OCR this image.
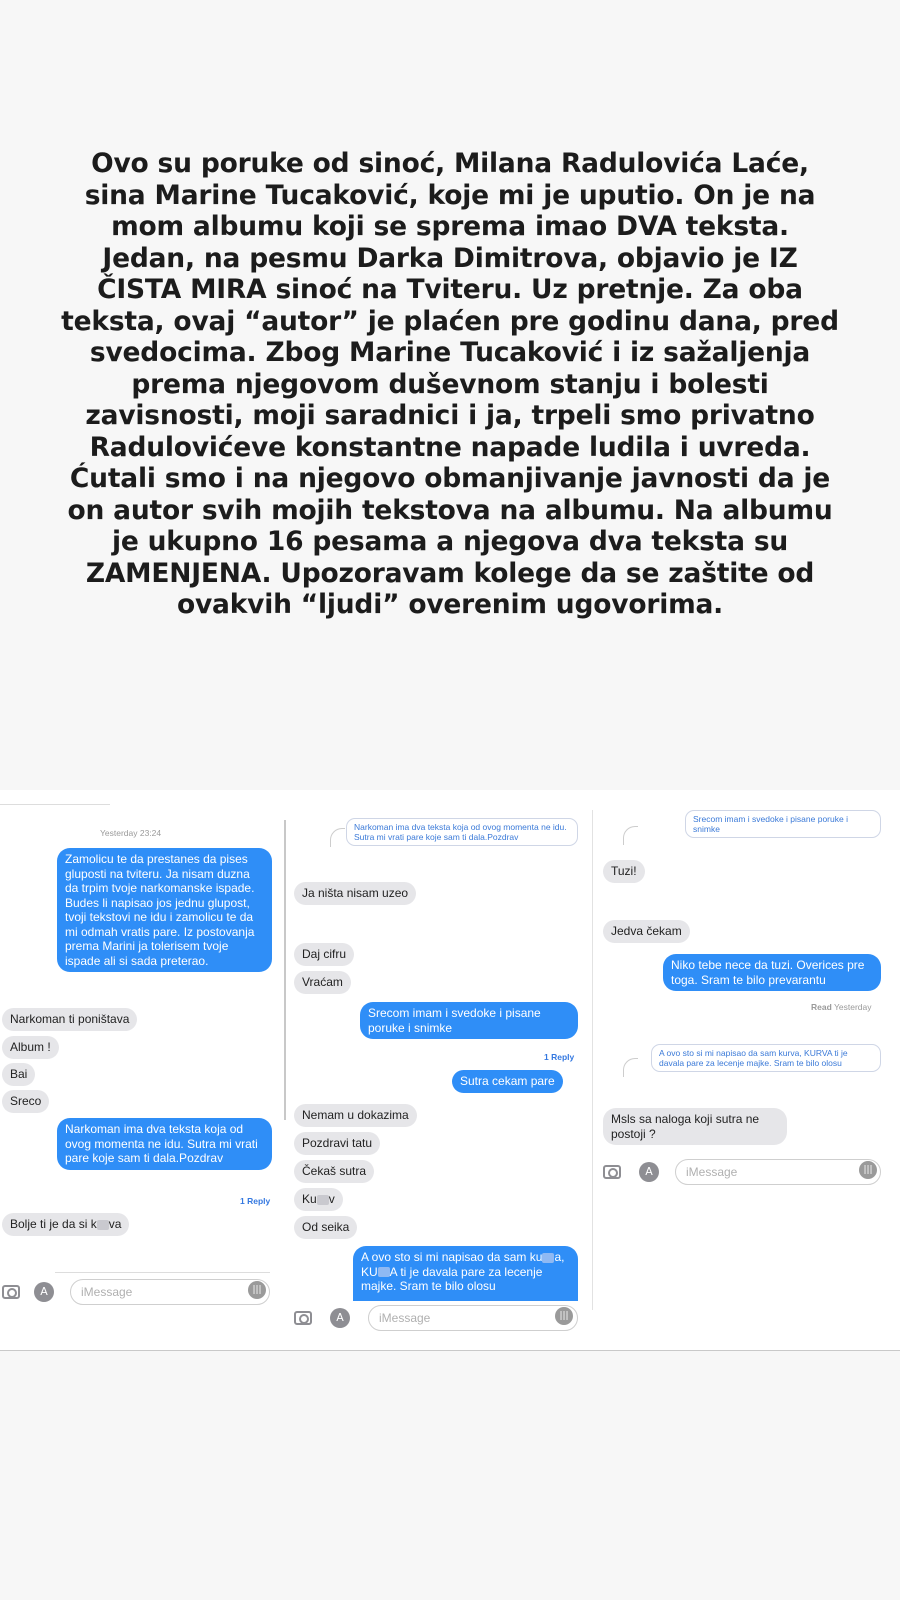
Ovo su poruke od sinoć, Milana Radulovića Laće,
sina Marine Tucaković, koje mi je uputio. On je na
mom albumu koji se sprema imao DVA teksta.
Jedan, na pesmu Darka Dimitrova, objavio je IZ
ČISTA MIRA sinoć na Tviteru. Uz pretnje. Za oba
teksta, ovaj “autor” je plaćen pre godinu dana, pred
svedocima. Zbog Marine Tucaković i iz sažaljenja
prema njegovom duševnom stanju i bolesti
zavisnosti, moji saradnici i ja, trpeli smo privatno
Radulovićeve konstantne napade ludila i uvreda.
Ćutali smo i na njegovo obmanjivanje javnosti da je
on autor svih mojih tekstova na albumu. Na albumu
je ukupno 16 pesama a njegova dva teksta su
ZAMENJENA. Upozoravam kolege da se zaštite od
ovakvih “ljudi” overenim ugovorima.
Yesterday 23:24
Zamolicu te da prestanes da pises gluposti na tviteru. Ja nisam duzna da trpim tvoje narkomanske ispade. Budes li napisao jos jednu glupost, tvoji tekstovi ne idu i zamolicu te da mi odmah vratis pare. Iz postovanja prema Marini ja tolerisem tvoje ispade ali si sada preterao.
Narkoman ti poništava
Album !
Bai
Sreco
Narkoman ima dva teksta koja od ovog momenta ne idu. Sutra mi vrati pare koje sam ti dala.Pozdrav
1 Reply
Bolje ti je da si k va
A	iMessage	|||
Narkoman ima dva teksta koja od ovog momenta ne idu. Sutra mi vrati pare koje sam ti dala.Pozdrav
Ja ništa nisam uzeo
Daj cifru
Vraćam
Srecom imam i svedoke i pisane poruke i snimke
1 Reply
Sutra cekam pare
Nemam u dokazima
Pozdravi tatu
Čekaš sutra
Ku v
Od seika
A ovo sto si mi napisao da sam ku a, KU A ti je davala pare za lecenje majke. Sram te bilo olosu
A	iMessage	|||
Srecom imam i svedoke i pisane poruke i snimke
Tuzi!
Jedva čekam
Niko tebe nece da tuzi. Overices pre toga. Sram te bilo prevarantu
Read Yesterday
A ovo sto si mi napisao da sam kurva, KURVA ti je davala pare za lecenje majke. Sram te bilo olosu
Msls sa naloga koji sutra ne postoji ?
A	iMessage	|||
